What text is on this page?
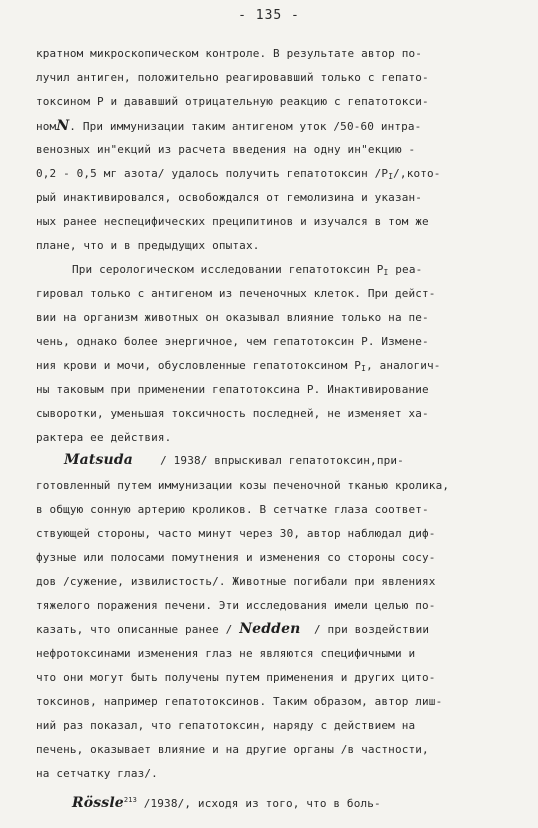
- 135 -
кратном микроскопическом контроле. В результате автор по-
лучил антиген, положительно реагировавший только с гепато-
токсином Р и дававший отрицательную реакцию с гепатотокси-
номN. При иммунизации таким антигеном уток /50-60 интра-
венозных ин"екций из расчета введения на одну ин"екцию -
0,2 - 0,5 мг азота/ удалось получить гепатотоксин $/P_I/,кото-$
рый инактивировался, освобождался от гемолизина и указан-
ных ранее неспецифических преципитинов и изучался в том же
плане, что и в предыдущих опытах.
При серологическом исследовании гепатотоксин $P_I$ реа-
гировал только с антигеном из печеночных клеток. При дейст-
вии на организм животных он оказывал влияние только на пе-
чень, однако более энергичное, чем гепатотоксин Р. Измене-
ния крови и мочи, обусловленные гепатотоксином $P_I$, аналогич-
ны таковым при применении гепатотоксина Р. Инактивирование
сыворотки, уменьшая токсичность последней, не изменяет ха-
рактера ее действия.
Matsuda    / 1938/ впрыскивал гепатотоксин,при-
готовленный путем иммунизации козы печеночной тканью кролика,
в общую сонную артерию кроликов. В сетчатке глаза соответ-
ствующей стороны, часто минут через 30, автор наблюдал диф-
фузные или полосами помутнения и изменения со стороны сосу-
дов /сужение, извилистость/. Животные погибали при явлениях
тяжелого поражения печени. Эти исследования имели целью по-
казать, что описанные ранее / Nedden  / при воздействии
нефротоксинами изменения глаз не являются специфичными и
что они могут быть получены путем применения и других цито-
токсинов, например гепатотоксинов. Таким образом, автор лиш-
ний раз показал, что гепатотоксин, наряду с действием на
печень, оказывает влияние и на другие органы /в частности,
на сетчатку глаз/.
Rössle$^{213}$ /1938/, исходя из того, что в боль-
